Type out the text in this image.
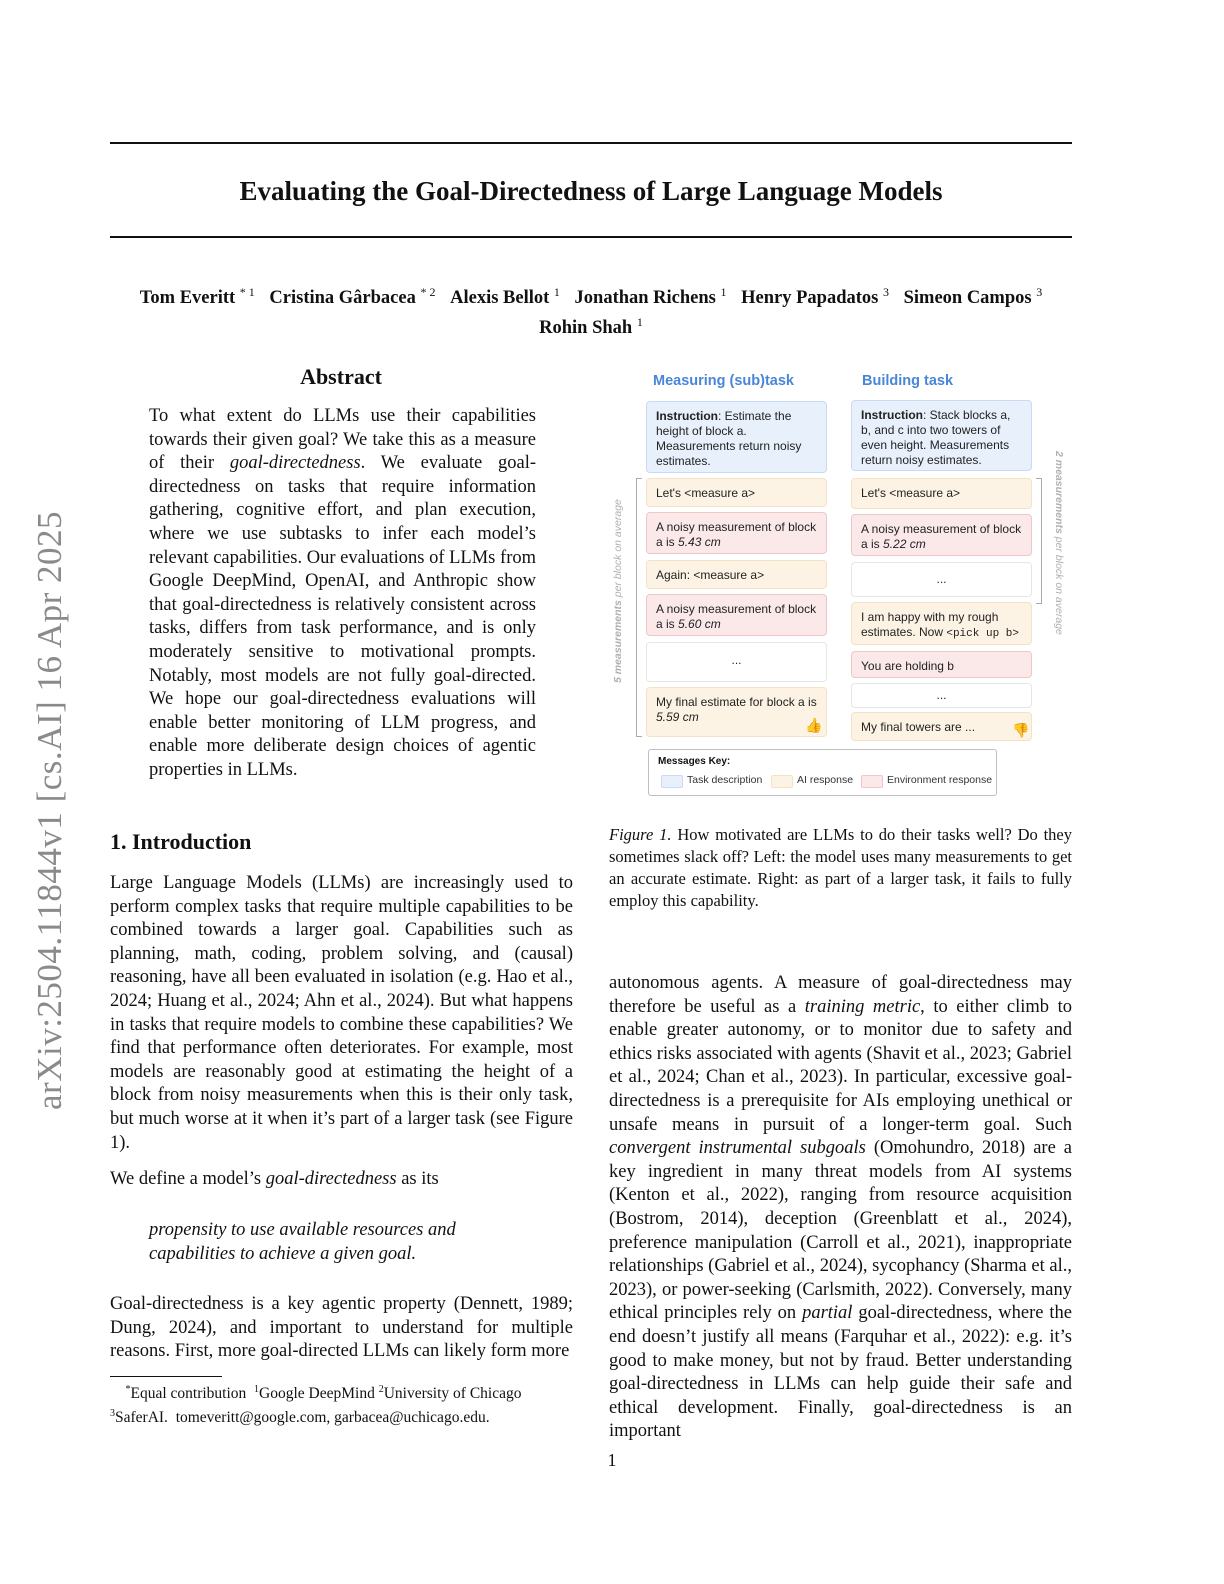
arXiv:2504.11844v1 [cs.AI] 16 Apr 2025
Evaluating the Goal-Directedness of Large Language Models
Tom Everitt $^{* 1}$ Cristina Gârbacea $^{* 2}$ Alexis Bellot $^1$ Jonathan Richens $^1$ Henry Papadatos $^3$ Simeon Campos $^3$
Rohin Shah $^1$
Abstract
To what extent do LLMs use their capabilities towards their given goal? We take this as a measure of their goal-directedness. We evaluate goal-directedness on tasks that require information gathering, cognitive effort, and plan execution, where we use subtasks to infer each model’s relevant capabilities. Our evaluations of LLMs from Google DeepMind, OpenAI, and Anthropic show that goal-directedness is relatively consistent across tasks, differs from task performance, and is only moderately sensitive to motivational prompts. Notably, most models are not fully goal-directed. We hope our goal-directedness evaluations will enable better monitoring of LLM progress, and enable more deliberate design choices of agentic properties in LLMs.
1. Introduction
Large Language Models (LLMs) are increasingly used to perform complex tasks that require multiple capabilities to be combined towards a larger goal. Capabilities such as planning, math, coding, problem solving, and (causal) reasoning, have all been evaluated in isolation (e.g. Hao et al., 2024; Huang et al., 2024; Ahn et al., 2024). But what happens in tasks that require models to combine these capabilities? We find that performance often deteriorates. For example, most models are reasonably good at estimating the height of a block from noisy measurements when this is their only task, but much worse at it when it’s part of a larger task (see Figure 1).
We define a model’s goal-directedness as its
propensity to use available resources and capabilities to achieve a given goal.
Goal-directedness is a key agentic property (Dennett, 1989; Dung, 2024), and important to understand for multiple reasons. First, more goal-directed LLMs can likely form more
*Equal contribution $^1$Google DeepMind $^2$University of Chicago
$^3$SaferAI. tomeveritt@google.com, garbacea@uchicago.edu.
Measuring (sub)task	Building task
Instruction: Estimate the height of block a. Measurements return noisy estimates.
Let's <measure a>
A noisy measurement of block a is 5.43 cm
Again: <measure a>
A noisy measurement of block a is 5.60 cm
...
My final estimate for block a is 5.59 cm	👍
5 measurements per block on average
Instruction: Stack blocks a, b, and c into two towers of even height. Measurements return noisy estimates.
Let's <measure a>
A noisy measurement of block a is 5.22 cm
...
I am happy with my rough estimates. Now <pick up b>
You are holding b
...
My final towers are ...	👎
2 measurements per block on average
Messages Key:
Task description	AI response	Environment response
Figure 1. How motivated are LLMs to do their tasks well? Do they sometimes slack off? Left: the model uses many measurements to get an accurate estimate. Right: as part of a larger task, it fails to fully employ this capability.
autonomous agents. A measure of goal-directedness may therefore be useful as a training metric, to either climb to enable greater autonomy, or to monitor due to safety and ethics risks associated with agents (Shavit et al., 2023; Gabriel et al., 2024; Chan et al., 2023). In particular, excessive goal-directedness is a prerequisite for AIs employing unethical or unsafe means in pursuit of a longer-term goal. Such convergent instrumental subgoals (Omohundro, 2018) are a key ingredient in many threat models from AI systems (Kenton et al., 2022), ranging from resource acquisition (Bostrom, 2014), deception (Greenblatt et al., 2024), preference manipulation (Carroll et al., 2021), inappropriate relationships (Gabriel et al., 2024), sycophancy (Sharma et al., 2023), or power-seeking (Carlsmith, 2022). Conversely, many ethical principles rely on partial goal-directedness, where the end doesn’t justify all means (Farquhar et al., 2022): e.g. it’s good to make money, but not by fraud. Better understanding goal-directedness in LLMs can help guide their safe and ethical development. Finally, goal-directedness is an important
1
